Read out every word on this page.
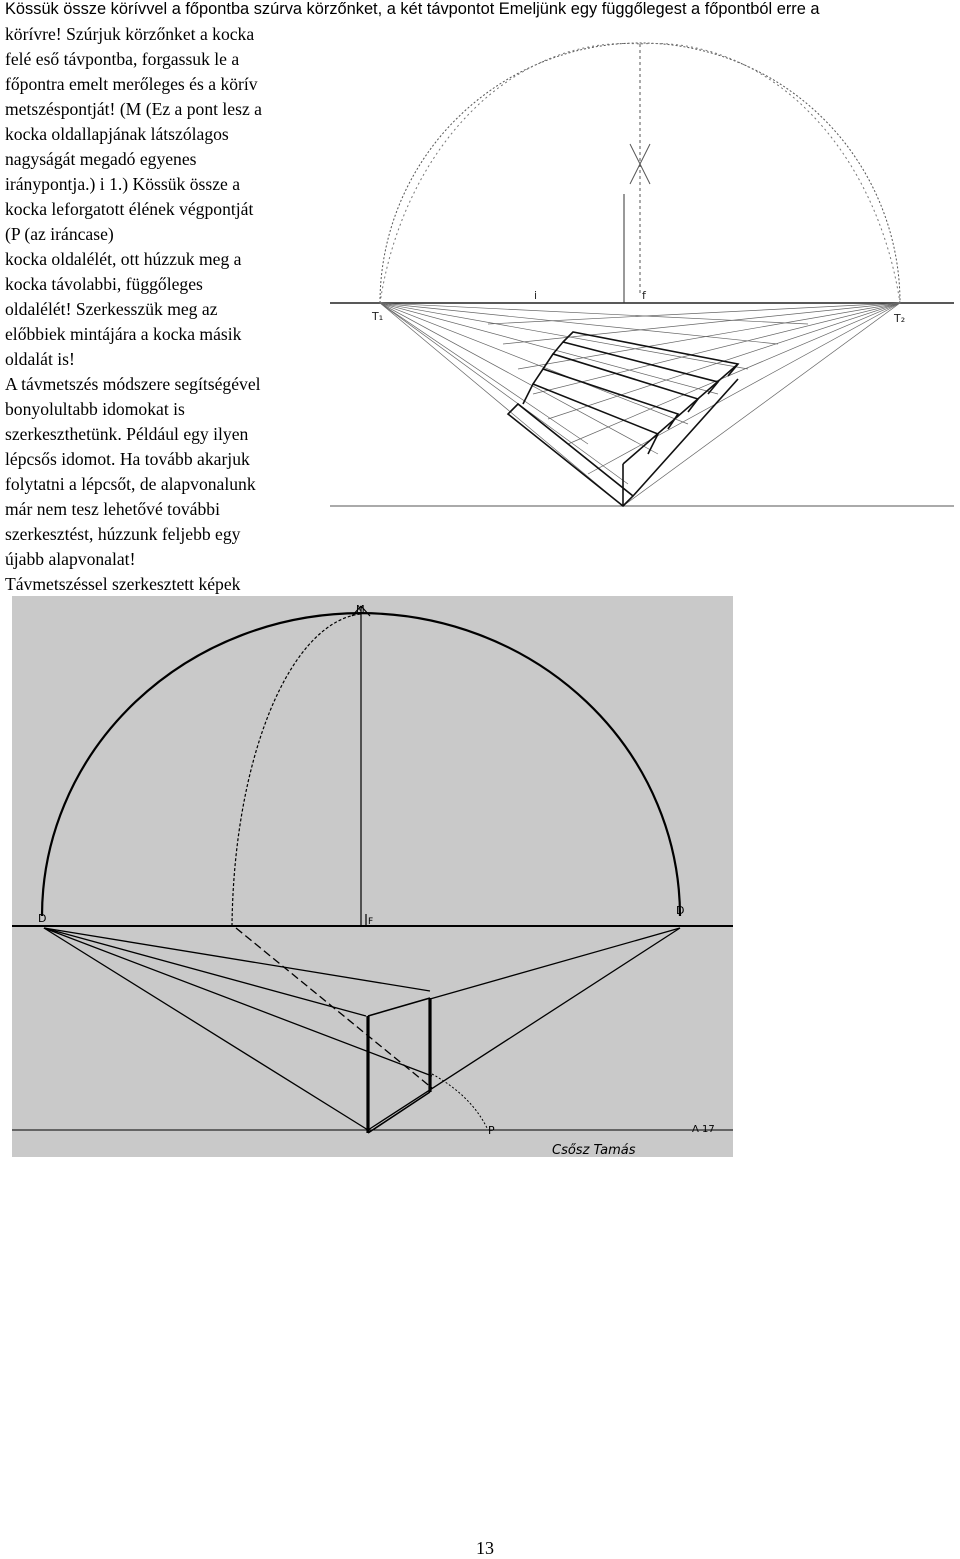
Kössük össze körívvel a főpontba szúrva körzőnket, a két távpontot Emeljünk egy függőlegest a főpontból erre a
körívre! Szúrjuk körzőnket a kocka
felé eső távpontba, forgassuk le a
főpontra emelt merőleges és a körív
metszéspontját! (M (Ez a pont lesz a
kocka oldallapjának látszólagos
nagyságát megadó egyenes
iránypontja.) i 1.) Kössük össze a
kocka leforgatott élének végpontját
(P (az iráncase)
kocka oldalélét, ott húzzuk meg a
kocka távolabbi, függőleges
oldalélét! Szerkesszük meg az
előbbiek mintájára a kocka másik
oldalát is!
A távmetszés módszere segítségével
bonyolultabb idomokat is
szerkeszthetünk. Például egy ilyen
lépcsős idomot. Ha tovább akarjuk
folytatni a lépcsőt, de alapvonalunk
már nem tesz lehetővé további
szerkesztést, húzzunk feljebb egy
újabb alapvonalat!
Távmetszéssel szerkesztett képek
T₁
i	f
T₂
M
D	F
D
P	A 17
Csősz Tamás
13
